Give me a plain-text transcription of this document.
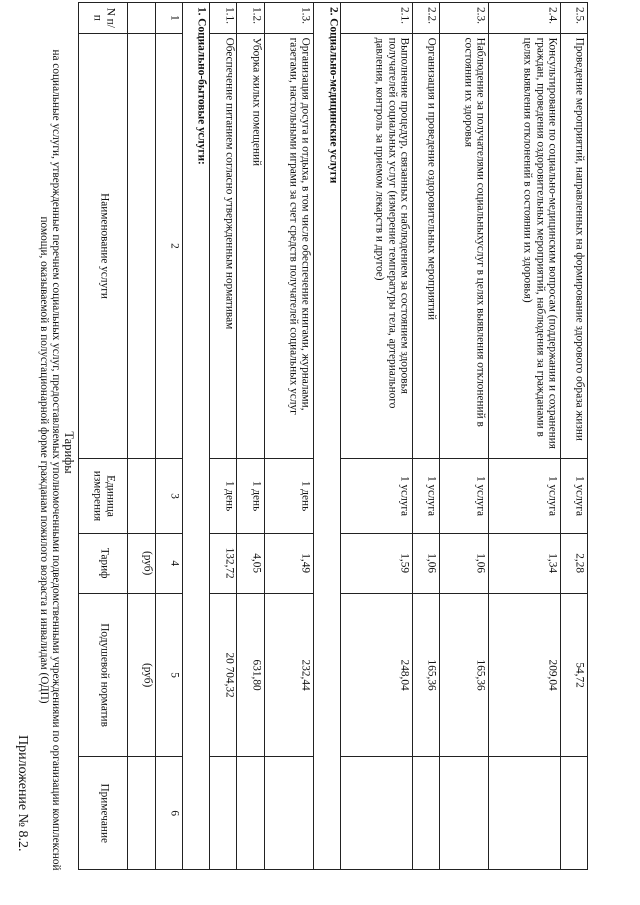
Приложение № 8.2.
Тарифы
на социальные услуги, утвержденные перечнем социальных услуг, предоставляемых уполномоченными подведомственными учреждениями по организации комплексной помощи, оказываемой в полустационарной форме гражданам пожилого возраста и инвалидам (ОДП)
N п/п	Наименование услуги	Единица измерения	Тариф	Подушевой норматив	Примечание
			(руб)	(руб)	
1	2	3	4	5	6
1. Социально-бытовые услуги:					
1.1.	Обеспечение питанием согласно утвержденным нормативам	1 день	132,72	20 704,32	
1.2.	Уборка жилых помещений	1 день	4,05	631,80	
1.3.	Организация досуга и отдыха, в том числе обеспечение книгами, журналами, газетами, настольными играми за счет средств получателей социальных услуг	1 день	1,49	232,44	
2. Социально-медицинские услуги					
2.1.	Выполнение процедур, связанных с наблюдением за состоянием здоровья получателей социальных услуг (измерение температуры тела, артериального давления, контроль за приемом лекарств и другое)	1 услуга	1,59	248,04	
2.2.	Организация и проведение оздоровительных мероприятий	1 услуга	1,06	165,36	
2.3.	Наблюдение за получателями социальныхуслуг в целях выявления отклонений в состоянии их здоровья	1 услуга	1,06	165,36	
2.4.	Консультирование по социально-медицинским вопросам (поддержания и сохранения граждан, проведения оздоровительных мероприятий, наблюдения за гражданами в целях выявления отклонений в состоянии их здоровья)	1 услуга	1,34	209,04	
2.5.	Проведение мероприятий, направленных на формирование здорового образа жизни	1 услуга	2,28	54,72	
